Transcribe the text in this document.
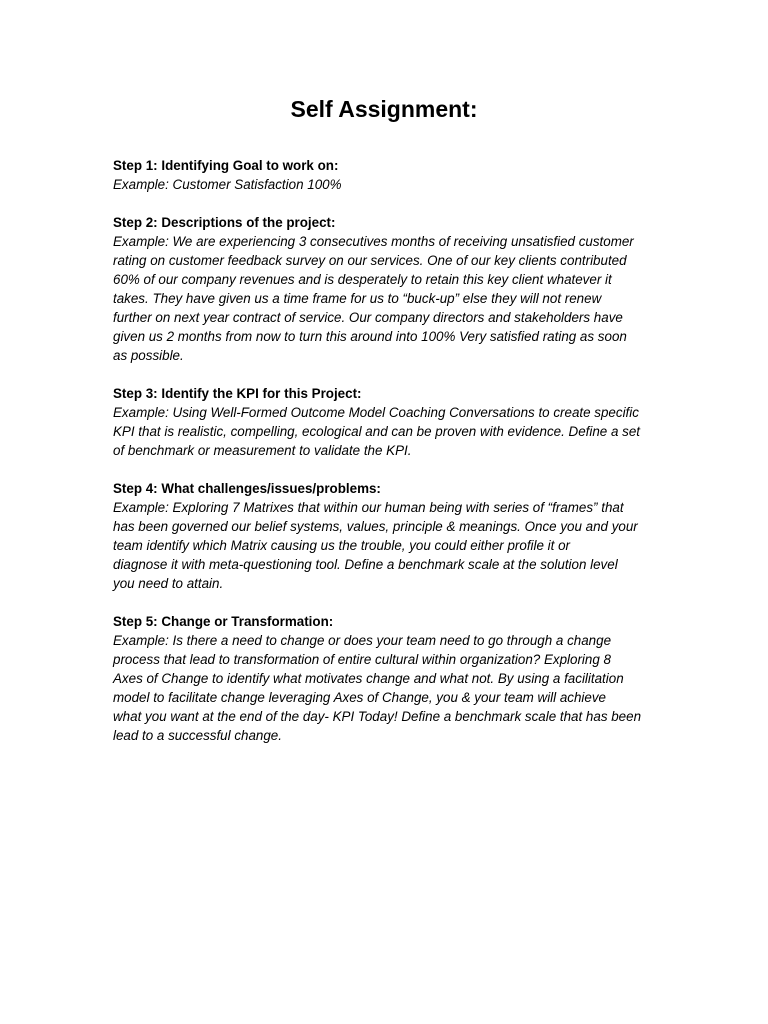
Self Assignment:

Step 1: Identifying Goal to work on:

Example: Customer Satisfaction 100%

Step 2: Descriptions of the project:

Example: We are experiencing 3 consecutives months of receiving unsatisfied customer
rating on customer feedback survey on our services. One of our key clients contributed
60% of our company revenues and is desperately to retain this key client whatever it
takes. They have given us a time frame for us to “buck-up” else they will not renew
further on next year contract of service. Our company directors and stakeholders have
given us 2 months from now to turn this around into 100% Very satisfied rating as soon
as possible.

Step 3: Identify the KPI for this Project:

Example: Using Well-Formed Outcome Model Coaching Conversations to create specific
KPI that is realistic, compelling, ecological and can be proven with evidence. Define a set
of benchmark or measurement to validate the KPI.

Step 4: What challenges/issues/problems:

Example: Exploring 7 Matrixes that within our human being with series of “frames” that
has been governed our belief systems, values, principle & meanings. Once you and your
team identify which Matrix causing us the trouble, you could either profile it or
diagnose it with meta-questioning tool. Define a benchmark scale at the solution level
you need to attain.

Step 5: Change or Transformation:

Example: Is there a need to change or does your team need to go through a change
process that lead to transformation of entire cultural within organization? Exploring 8
Axes of Change to identify what motivates change and what not. By using a facilitation
model to facilitate change leveraging Axes of Change, you & your team will achieve
what you want at the end of the day- KPI Today! Define a benchmark scale that has been
lead to a successful change.
